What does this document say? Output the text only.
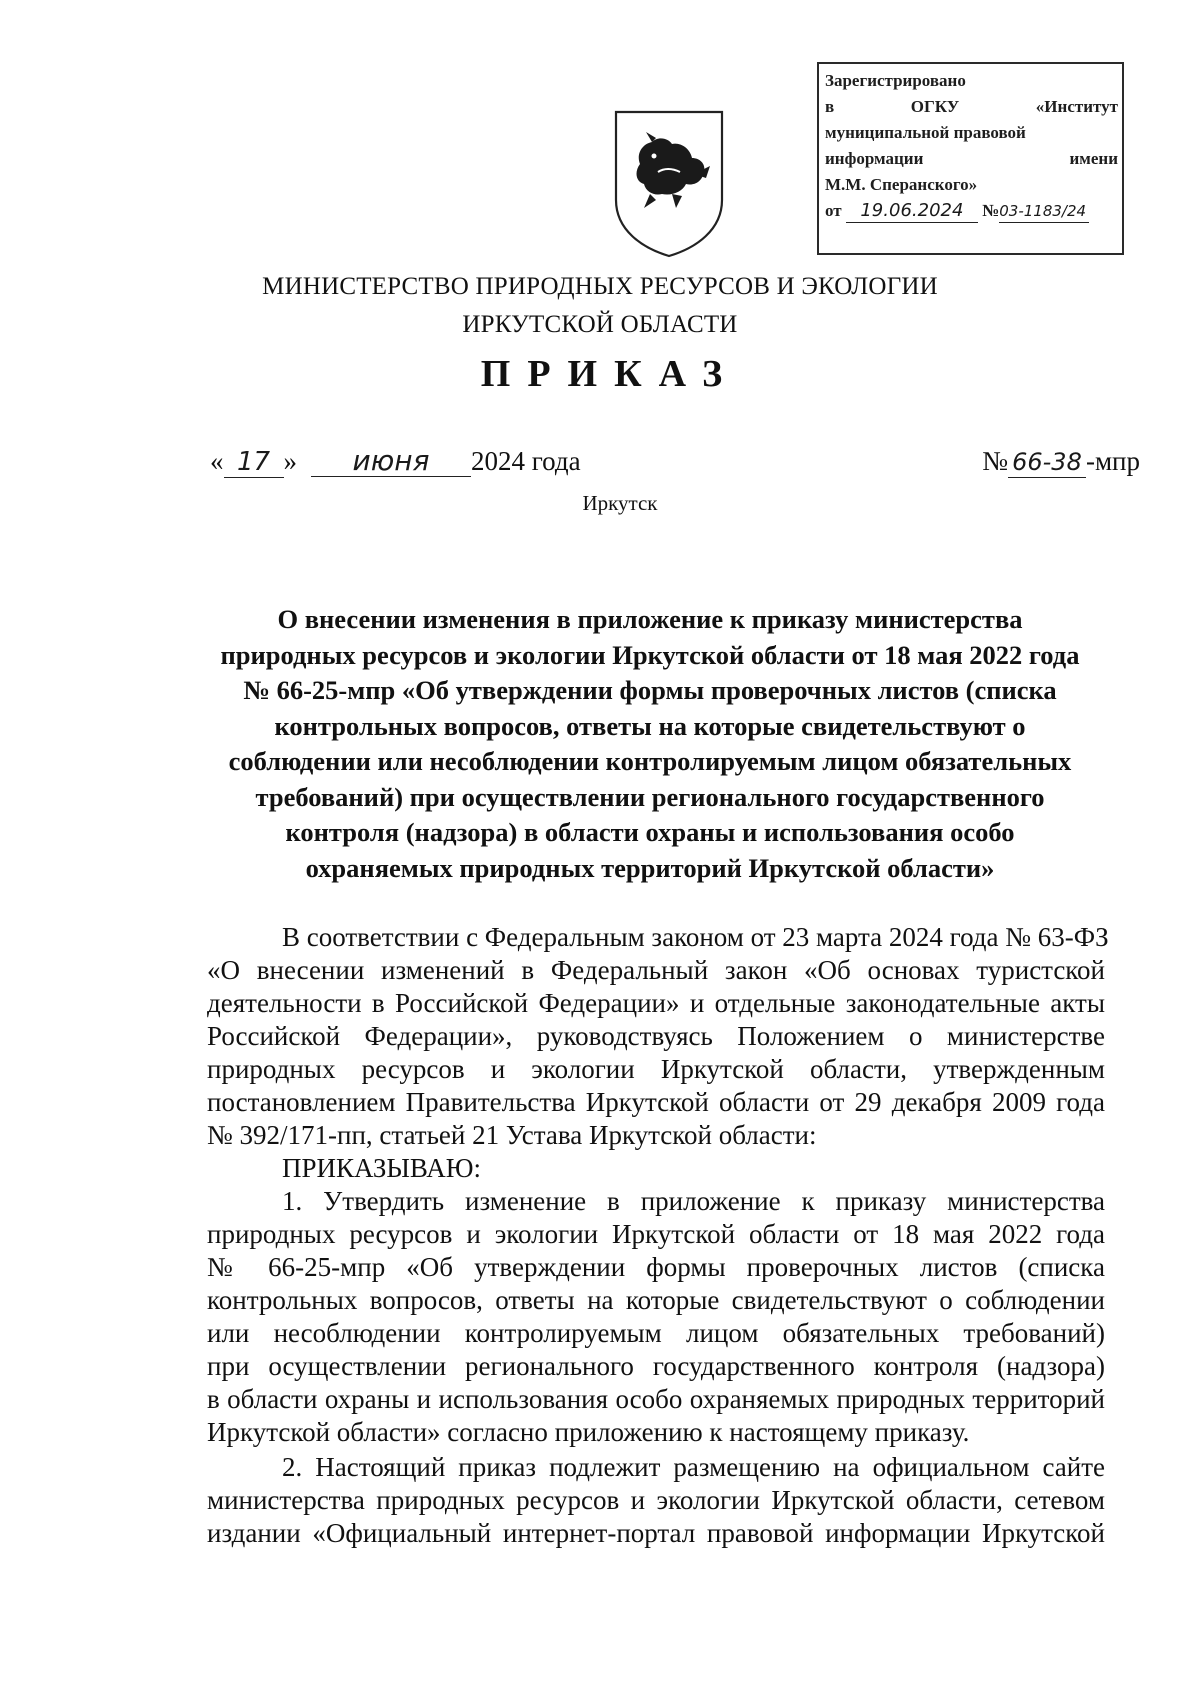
Зарегистрировано
в	ОГКУ	«Институт
муниципальной правовой
информации	имени
М.М. Сперанского»
от 19.06.2024 №03-1183/24
МИНИСТЕРСТВО ПРИРОДНЫХ РЕСУРСОВ И ЭКОЛОГИИ
ИРКУТСКОЙ ОБЛАСТИ
ПРИКАЗ
« 17 » июня 2024 года	№ 66-38 -мпр
Иркутск
О внесении изменения в приложение к приказу министерства
природных ресурсов и экологии Иркутской области от 18 мая 2022 года
№ 66-25-мпр «Об утверждении формы проверочных листов (списка
контрольных вопросов, ответы на которые свидетельствуют о
соблюдении или несоблюдении контролируемым лицом обязательных
требований) при осуществлении регионального государственного
контроля (надзора) в области охраны и использования особо
охраняемых природных территорий Иркутской области»
В соответствии с Федеральным законом от 23 марта 2024 года № 63-ФЗ
«О внесении изменений в Федеральный закон «Об основах туристской
деятельности в Российской Федерации» и отдельные законодательные акты
Российской Федерации», руководствуясь Положением о министерстве
природных ресурсов и экологии Иркутской области, утвержденным
постановлением Правительства Иркутской области от 29 декабря 2009 года
№ 392/171-пп, статьей 21 Устава Иркутской области:
ПРИКАЗЫВАЮ:
1. Утвердить изменение в приложение к приказу министерства
природных ресурсов и экологии Иркутской области от 18 мая 2022 года
№ 66-25-мпр «Об утверждении формы проверочных листов (списка
контрольных вопросов, ответы на которые свидетельствуют о соблюдении
или несоблюдении контролируемым лицом обязательных требований)
при осуществлении регионального государственного контроля (надзора)
в области охраны и использования особо охраняемых природных территорий
Иркутской области» согласно приложению к настоящему приказу.
2. Настоящий приказ подлежит размещению на официальном сайте
министерства природных ресурсов и экологии Иркутской области, сетевом
издании «Официальный интернет-портал правовой информации Иркутской
